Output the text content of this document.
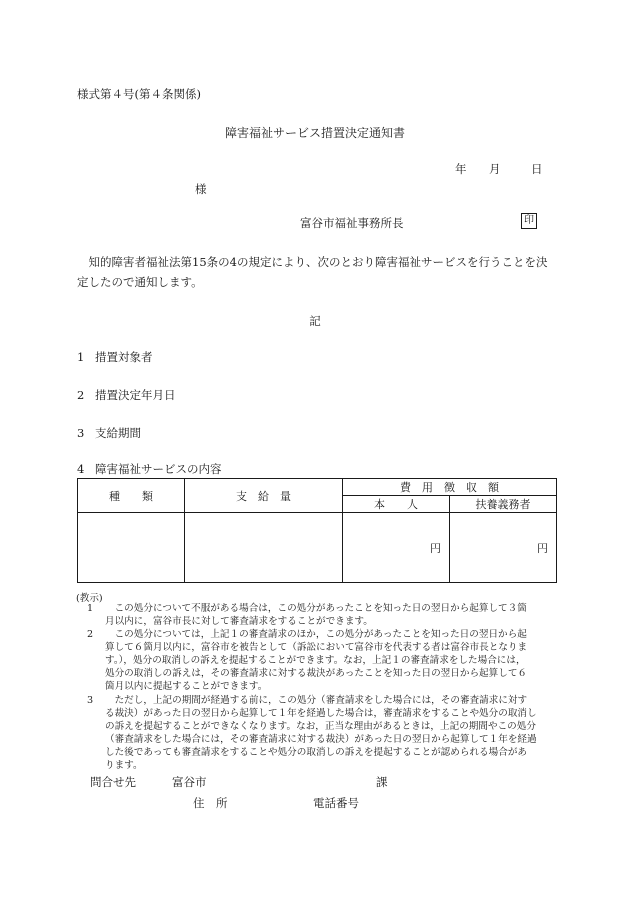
様式第４号(第４条関係)
障害福祉サービス措置決定通知書
年 月	日
様
富谷市福祉事務所長	印
知的障害者福祉法第15条の4の規定により、次のとおり障害福祉サービスを行うことを決定したので通知します。
記
1 措置対象者
2 措置決定年月日
3 支給期間
4 障害福祉サービスの内容
種　　類	支　給　量	費　用　徴　収　額	
		本　　人	扶養義務者
		円	円
(教示)
1	この処分について不服がある場合は，この処分があったことを知った日の翌日から起算して３箇
月以内に，富谷市長に対して審査請求をすることができます。
2	この処分については，上記１の審査請求のほか，この処分があったことを知った日の翌日から起
算して６箇月以内に，富谷市を被告として（訴訟において富谷市を代表する者は富谷市長となりま
す。），処分の取消しの訴えを提起することができます。なお，上記１の審査請求をした場合には，
処分の取消しの訴えは，その審査請求に対する裁決があったことを知った日の翌日から起算して６
箇月以内に提起することができます。
3	ただし，上記の期間が経過する前に，この処分（審査請求をした場合には，その審査請求に対す
る裁決）があった日の翌日から起算して１年を経過した場合は，審査請求をすることや処分の取消し
の訴えを提起することができなくなります。なお，正当な理由があるときは，上記の期間やこの処分
（審査請求をした場合には，その審査請求に対する裁決）があった日の翌日から起算して１年を経過
した後であっても審査請求をすることや処分の取消しの訴えを提起することが認められる場合があ
ります。
問合せ先	富谷市	課
住　所	電話番号
